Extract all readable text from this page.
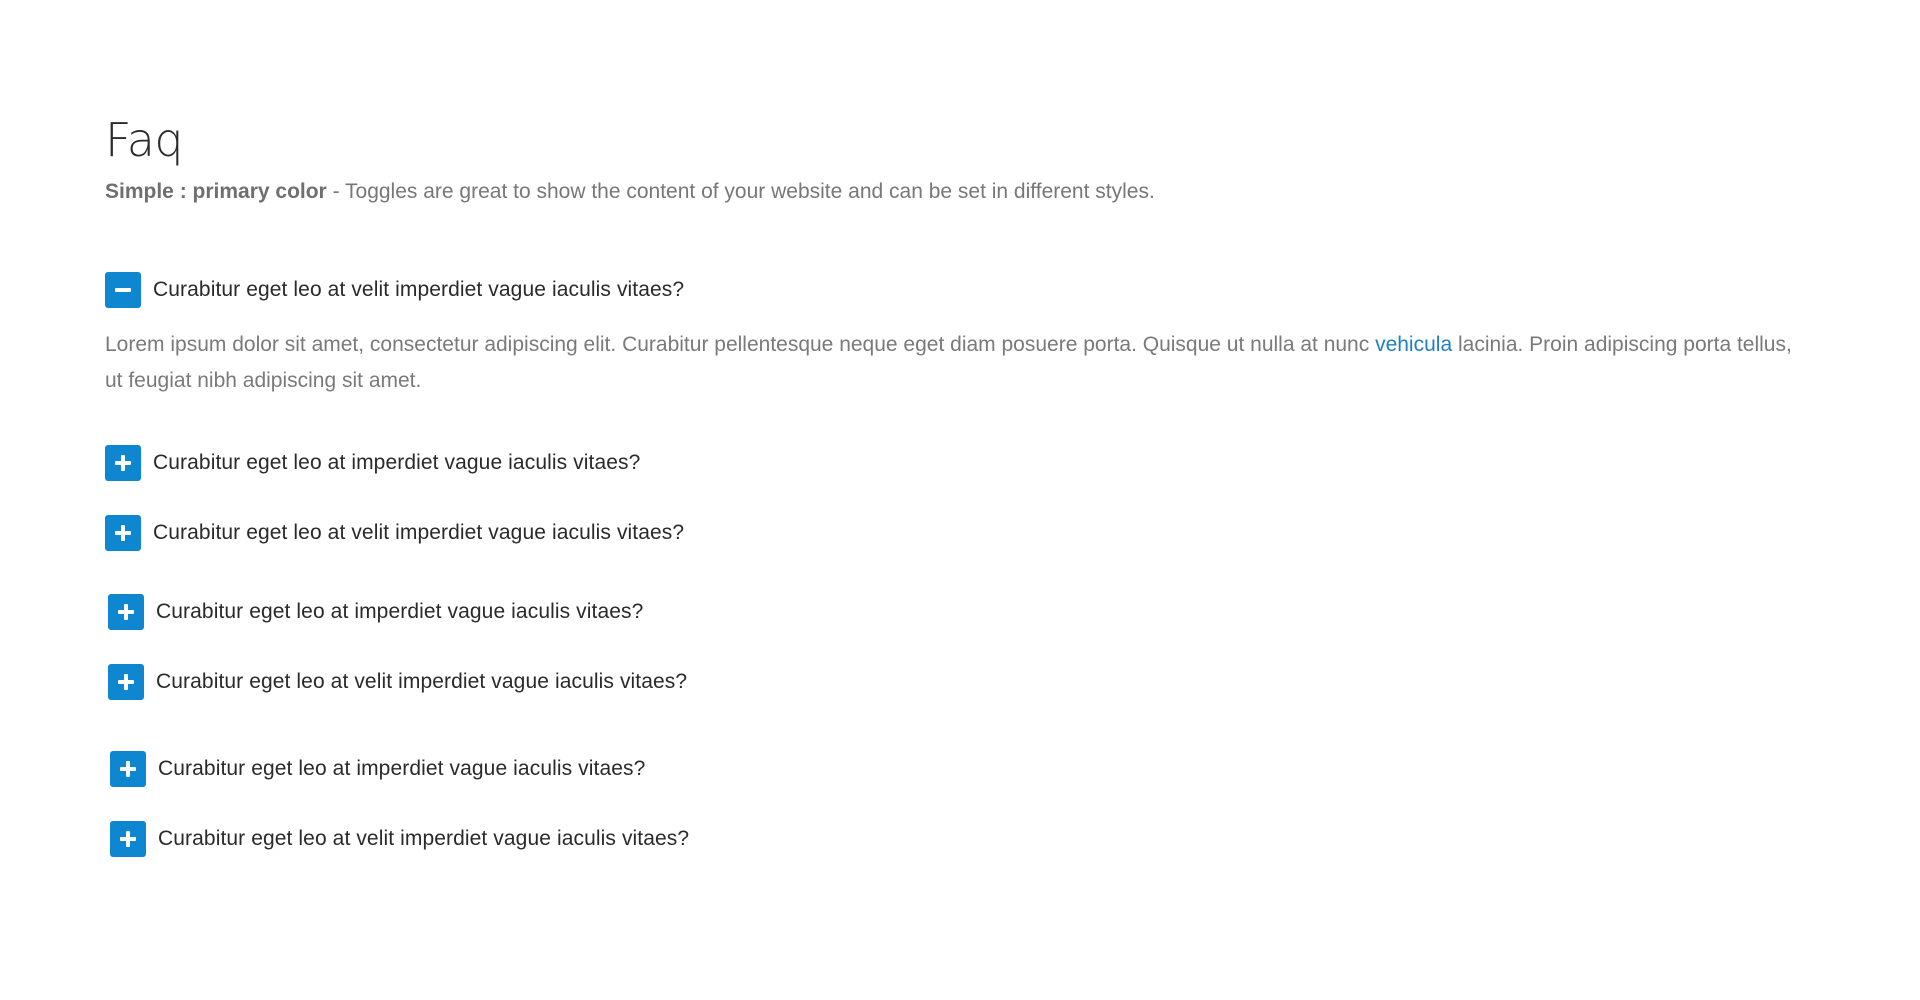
Faq

Simple : primary color - Toggles are great to show the content of your website and can be set in different styles.

Curabitur eget leo at velit imperdiet vague iaculis vitaes?

Lorem ipsum dolor sit amet, consectetur adipiscing elit. Curabitur pellentesque neque eget diam posuere porta. Quisque ut nulla at nunc vehicula lacinia. Proin adipiscing porta tellus, ut feugiat nibh adipiscing sit amet.

Curabitur eget leo at imperdiet vague iaculis vitaes?
Curabitur eget leo at velit imperdiet vague iaculis vitaes?
Curabitur eget leo at imperdiet vague iaculis vitaes?
Curabitur eget leo at velit imperdiet vague iaculis vitaes?
Curabitur eget leo at imperdiet vague iaculis vitaes?
Curabitur eget leo at velit imperdiet vague iaculis vitaes?
